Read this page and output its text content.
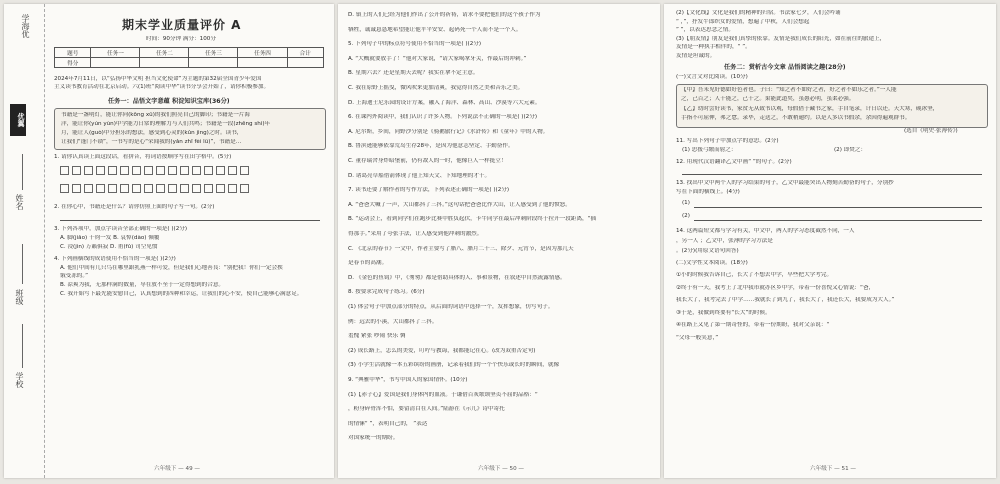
学海优
优翼
姓名
班级
学校
期末学业质量评价 A
时间：90分钟 满分：100分
题号	任务一	任务二	任务三	任务四	合计
得分					
2024年7月11日，以“弘扬中华文明 担当文化使命”为主题的第32届全国青少年爱国
主义读书教育活动在北京启动。六(1)班“阅读中华”读书分享会开始了，请你积极参加。
任务一：品悟文字意蕴 积淀知识宝库(36分)
书籍是一盏明灯，能让你向(kōng xū)的我们照亮自己的脚印；书籍是一片海
洋，能让你(yún yùn)中学能力日常的理解力与人们共鸣；书籍是一段(zhēng shì)年
月，能让人(guò)中分担乐的想法，感受到心灵的(kǔn jìng)之时。读书，
让我们“蓬门不锁”，一书写的是心“荣闻我的(yǎn zhī fèi lǜ)”，书籍是…
1. 请你认真读上面这段话，看拼音，将词语按顺序写在田字格中。(5分)
2. 在你心中，书籍还是什么？请你仿照上面的句子写一句。(2分)
3. 下列各项中，加点字读音全部正确的一项是( )(2分)
A. 脚(jiǎo) 千钧一发 B. 哀悼(dào) 倾覆
C. 浸(jìn) 万籁俱寂 D. 甫(fǔ) 司空见惯
4. 下列画横线的成语使用不恰当的一项是( )(2分)
A. 他们中间有几只鸟在哪里跟乳燕一样可爱，但是我们心地善良：“别把我！你们一定会挨
饿受冻的。”
B. 凉爽为我，无那样满的数量，导在放不至于一定得想到的合意。
C. 我开始写下最先能安慰自己，认真想到的四种和幸运，让我们的心不安，使自己能够心满意足。
六年级下 — 49 —
D. 镇上的人们已经为他们作出了公开的祈祷，请求不要把他们的这个孩子作为
牺牲，诚诚恳恳地希望能让他平平安安、起码死一个人而不是一个人。
5. 下列句子中的标点符号使用不恰当的一项是( )(2分)
A. “大概就要放手了！”他对大家说，“请大家喝掌牙关，作最后的冲刺。”
B. 星期六去？还是星期天去呢？我实在拿不定主意。
C. 我在原野上摇曳，微风吹来更加清爽，我觉得自然之美和音乐之美。
D. 上海迪士尼乐园的设计方案，融入了海洋、森林、高山、沙漠等六大元素。
6. 在课内外阅读中，我们认识了许多人物。下列说法不正确的一项是( )(2分)
A. 尼尔斯，乡间，同野沙分别是《骑鹅旅行记》《水浒传》和《童年》中的人物。
B. 鲁滨逊能够依靠荒岛生存28年，是因为他意志坚定、手勤奋作。
C. 董存瑞舍身炸暗堡前，仍有敌人的一时，他像巨人一样挺立！
D. 诸葛亮草船借箭体现了他上知天文、下知地理的才干。
7. 读书还要了解作者的写作方法，下列表述正确的一项是( )(2分)
A. “爸爸大喊了一声，大山都抖了三抖。”这句话把爸爸比作大山，让人感受到了他的愤怒。
B. “运动会上，看到同学们在跑步比赛中胜负起伏，卡牛同学在最后冲刺阶段终于拉开一段距离，“插
得那手。”采用了夸张手法，让人感受到他冲刺的激烈。
C. 《北京的春节》一文中，作者主要写了腊八、腊月二十三、除夕、元宵节，是因为那几天
是春节的高潮。
D. 《金色的鱼钩》中，《匆匆》都是借助具体的人、事和景物，在叙述中自然流露情感。
8. 按要求完成句子练习。(6分)
(1) 体会句子中加点部分的特点，从后面的词语中选择一个，发挥想象，仿写句子。
例：远去的小溪，大山都抖了三抖。
羞愧 紧张 吵闹 快乐 惆
(2) 成长路上，怎么的美爱，叮咛与教诲，我都能记在心。(改为双重否定句)
(3) 小学生活就像一本五彩缤纷的画册，记录着我们的一个个快乐或长时的瞬间，就像
9. “典雅中华”，书写中国人的家国情怀。(10分)
(1)【赤子心】爱国是我们身体内的血液。于谦借百灰歌颂坚贞不屈的品格：“
，粉身碎骨浑不怕，要留清白在人间。”陆游在《示儿》诗中寄托
的情愫“ ”，表明自己的， ”表达
对国家统一的期盼。
六年级下 — 50 —
(2)【文化线】文化是我们的精神的归宿。书法家七夕，人们会吟诵
“ ，”，抒发牛郎织女的爱情，想遍了中秋，人们会想起
” ”，以表达思念之情。
(3)【朋友情】朋友是我们真挚的依靠。友情是我们成长的阳光，如在前往的旅途上，
友情是一种执手相伴的，“ ”。
友情是坦诚的。
任务二：赏析古今文章 品悟阅读之趣(28分)
(一)文言文对比阅读。(10分)
【甲】吾未见好德如好色者也。子曰：“知之者不如好之者，好之者不如乐之者。”一人能
之，己百之；人十能之，己千之。果能此道矣，虽愚必明，虽柔必强。
【乙】幼时尝好读书，家贫无从致书以观，每假借于藏书之家，手自笔录，计日以还。天大寒，砚冰坚，
手指不可屈伸，弗之怠。录毕，走送之，不敢稍逾约。以是人多以书假余，余因得遍观群书。
(选自《明史·张溥传》)
11. 写出下列句子中加点字的意思。(2分)
(1) 思援弓缴而射之：	(2) 即焚之：
12. 用现代汉语翻译乙文中画“ ”的句子。(2分)
13. 找出甲文中两个人的学习结果的句子，乙文中最能突出人物刻苦勤奋的句子，分别抄
写在下面的横线上。(4分)
(1)
(2)
14. 这两篇短文都与学习有关，甲文中，两人的学习态度截然不同，一人
，另一人 ；乙文中，张溥的学习方法是
。(2分)(用原文语句回答)
(二)文学性文本阅读。(18分)
①小的时候我告诉自己，长大了不想去中学，早些把大学考完。
②终于有一天，我考上了北中我市就办区乡中学，带着一份喜悦又心情说：“爸，
我长大了，我考完去了中学……我就长了到九了，我长大了，我还长大，我要成为大人。”
③于是，我做到终要有“长大”的时候。
④在路上又见了第一期奇怪的，带着一份期盼，我对父亲说：“
“父母一般笑意，”
六年级下 — 51 —
